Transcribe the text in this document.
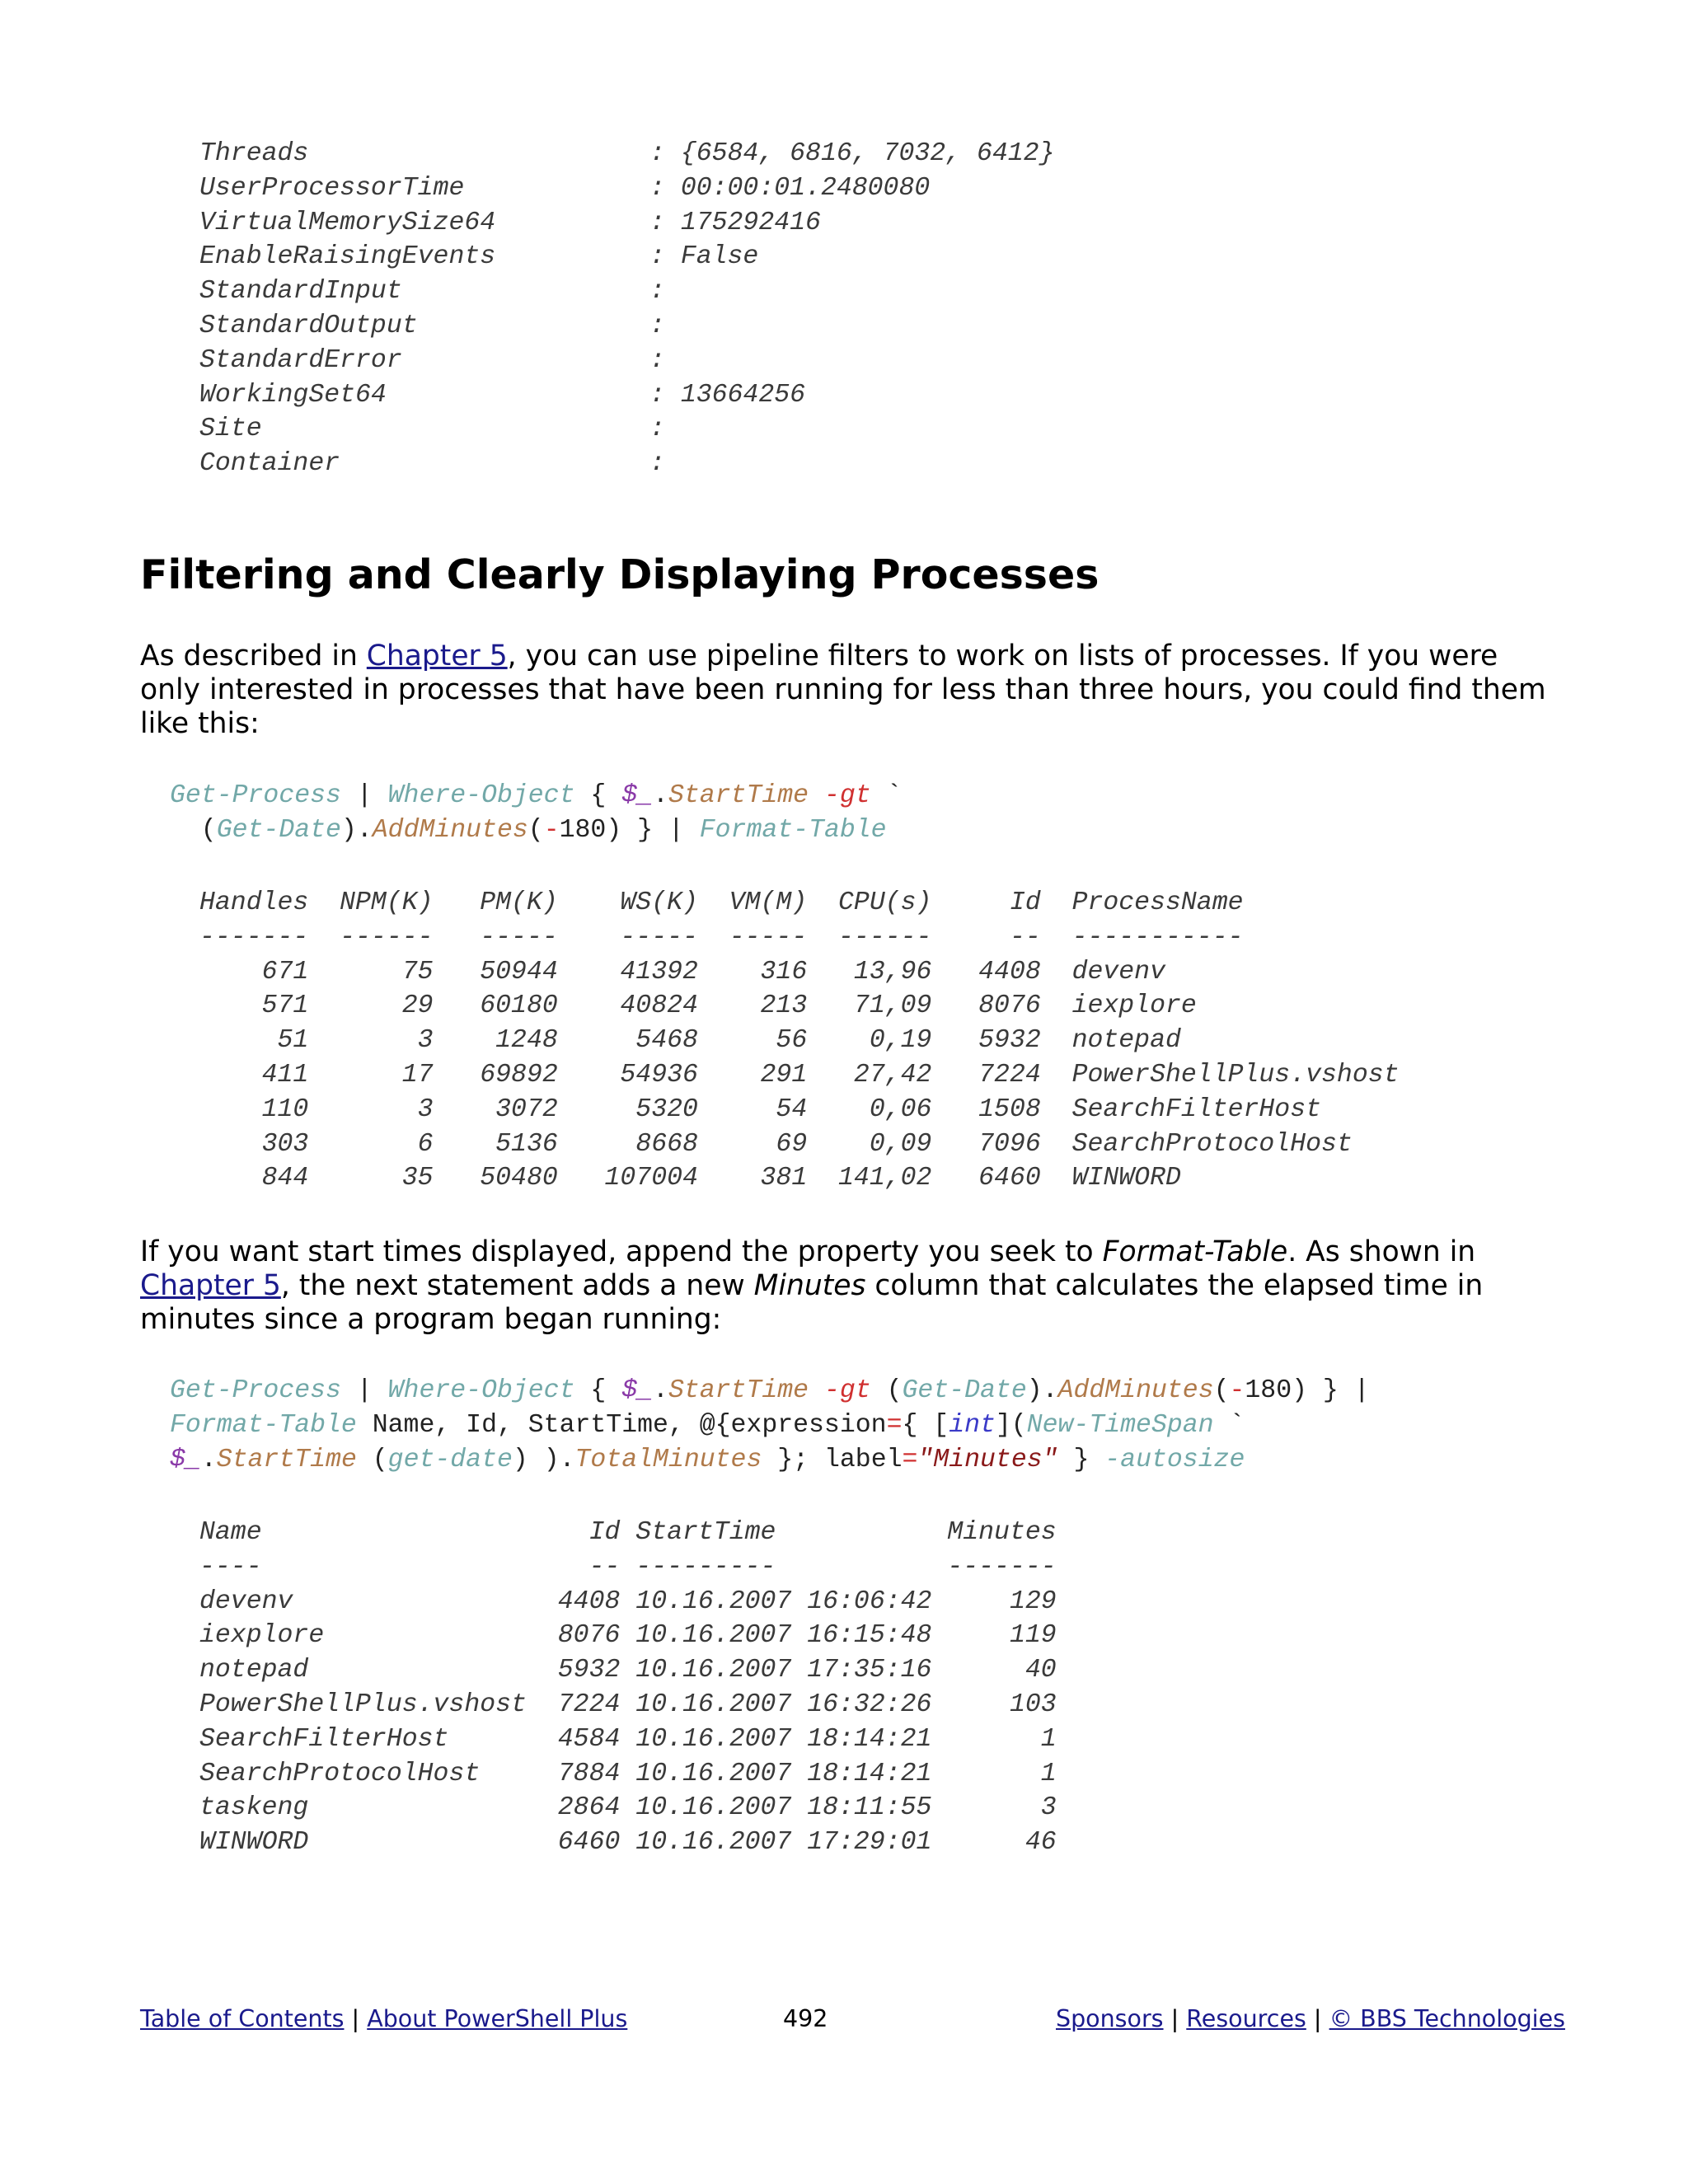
Threads	: {6584, 6816, 7032, 6412}
UserProcessorTime	: 00:00:01.2480080
VirtualMemorySize64	: 175292416
EnableRaisingEvents	: False
StandardInput	:
StandardOutput	:
StandardError	:
WorkingSet64	: 13664256
Site	:
Container	:
Filtering and Clearly Displaying Processes

As described in Chapter 5, you can use pipeline filters to work on lists of processes. If you were only interested in processes that have been running for less than three hours, you could find them like this:

Get-Process | Where-Object { $_.StartTime -gt `
(Get-Date).AddMinutes(-180) } | Format-Table
Handles  NPM(K)   PM(K)    WS(K)  VM(M)  CPU(s)     Id  ProcessName
-------  ------   -----    -----  -----  ------     --  -----------
671      75   50944    41392    316   13,96   4408  devenv
571      29   60180    40824    213   71,09   8076  iexplore
51       3    1248     5468     56    0,19   5932  notepad
411      17   69892    54936    291   27,42   7224  PowerShellPlus.vshost
110       3    3072     5320     54    0,06   1508  SearchFilterHost
303       6    5136     8668     69    0,09   7096  SearchProtocolHost
844      35   50480   107004    381  141,02   6460  WINWORD

If you want start times displayed, append the property you seek to Format-Table. As shown in Chapter 5, the next statement adds a new Minutes column that calculates the elapsed time in minutes since a program began running:

Get-Process | Where-Object { $_.StartTime -gt (Get-Date).AddMinutes(-180) } |
Format-Table Name, Id, StartTime, @{expression={ [int](New-TimeSpan `
$_.StartTime (get-date) ).TotalMinutes }; label="Minutes" } -autosize
Name                     Id StartTime           Minutes
----                     -- ---------           -------
devenv                 4408 10.16.2007 16:06:42     129
iexplore               8076 10.16.2007 16:15:48     119
notepad                5932 10.16.2007 17:35:16      40
PowerShellPlus.vshost  7224 10.16.2007 16:32:26     103
SearchFilterHost       4584 10.16.2007 18:14:21       1
SearchProtocolHost     7884 10.16.2007 18:14:21       1
taskeng                2864 10.16.2007 18:11:55       3
WINWORD                6460 10.16.2007 17:29:01      46
Table of Contents | About PowerShell Plus	492	Sponsors | Resources | © BBS Technologies
